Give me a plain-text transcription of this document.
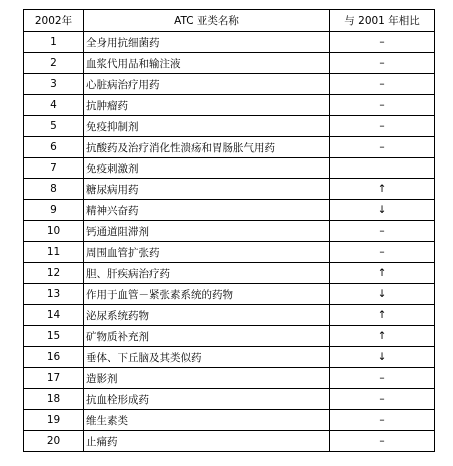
2002年	ATC 亚类名称	与 2001 年相比
1	全身用抗细菌药	–
2	血浆代用品和输注液	–
3	心脏病治疗用药	–
4	抗肿瘤药	–
5	免疫抑制剂	–
6	抗酸药及治疗消化性溃疡和胃肠胀气用药	–
7	免疫刺激剂	
8	糖尿病用药	↑
9	精神兴奋药	↓
10	钙通道阻滞剂	–
11	周围血管扩张药	–
12	胆、肝疾病治疗药	↑
13	作用于血管－紧张素系统的药物	↓
14	泌尿系统药物	↑
15	矿物质补充剂	↑
16	垂体、下丘脑及其类似药	↓
17	造影剂	–
18	抗血栓形成药	–
19	维生素类	–
20	止痛药	–
